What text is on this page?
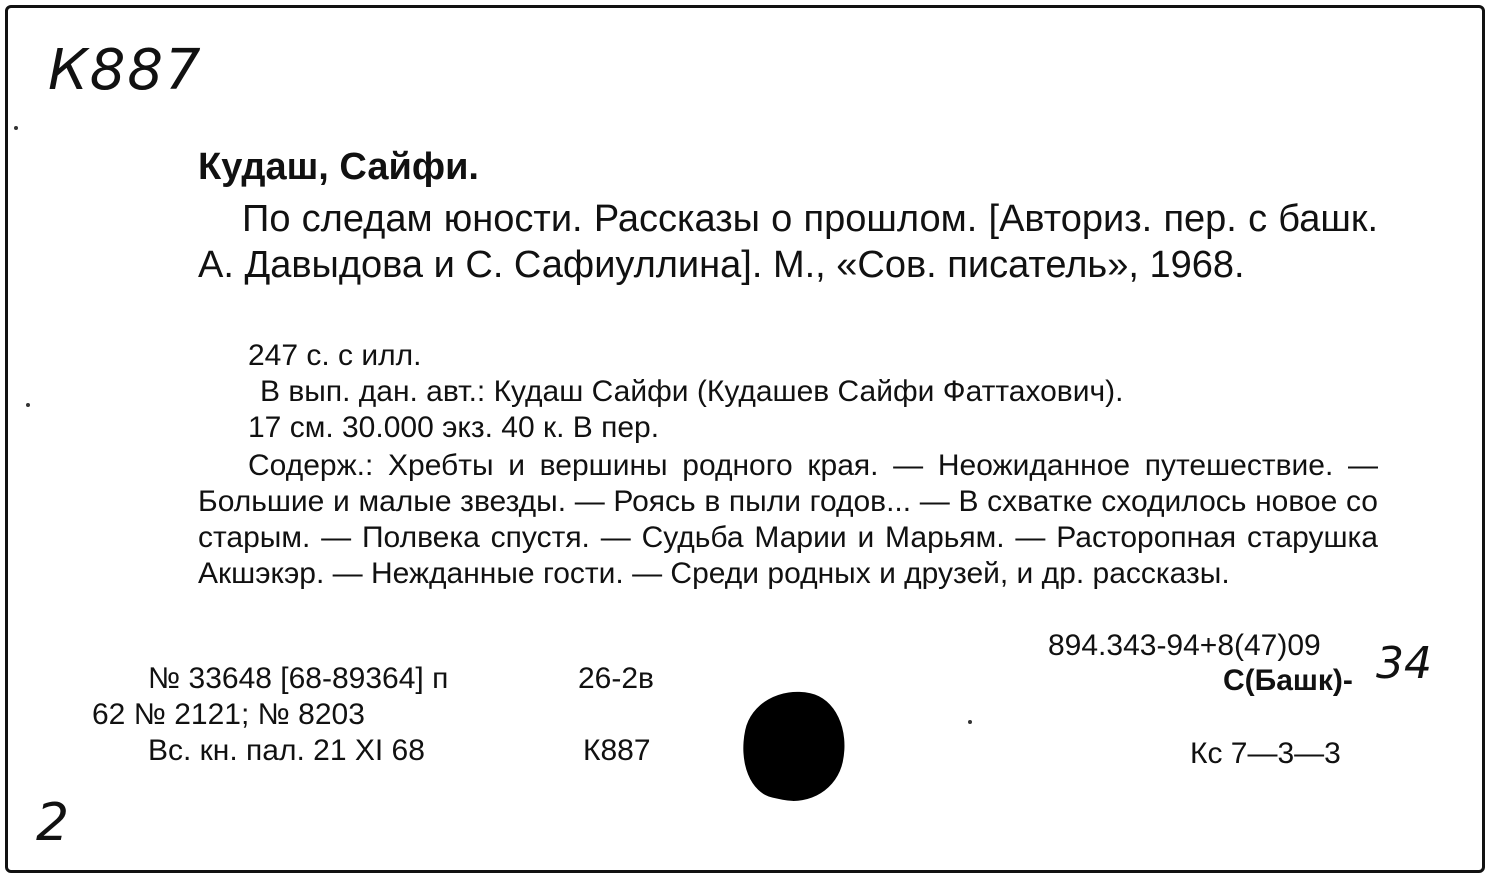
К887
Кудаш, Сайфи.
По следам юности. Рассказы о прошлом. [Авториз. пер. с башк. А. Давыдова и С. Сафиуллина]. М., «Сов. писатель», 1968.
247 с. с илл.
В вып. дан. авт.: Кудаш Сайфи (Кудашев Сайфи Фаттахович).
17 см. 30.000 экз. 40 к. В пер.
Содерж.: Хребты и вершины родного края. — Неожиданное путешествие. — Большие и малые звезды. — Роясь в пыли годов... — В схватке сходилось новое со старым. — Полвека спустя. — Судьба Марии и Марьям. — Расторопная старушка Акшэкэр. — Нежданные гости. — Среди родных и друзей, и др. рассказы.
894.343-94+8(47)09
С(Башк)- 34
№ 33648 [68-89364] п
62 № 2121; № 8203
Вс. кн. пал. 21 XI 68
26-2в
К887	Кс 7—3—3
2
